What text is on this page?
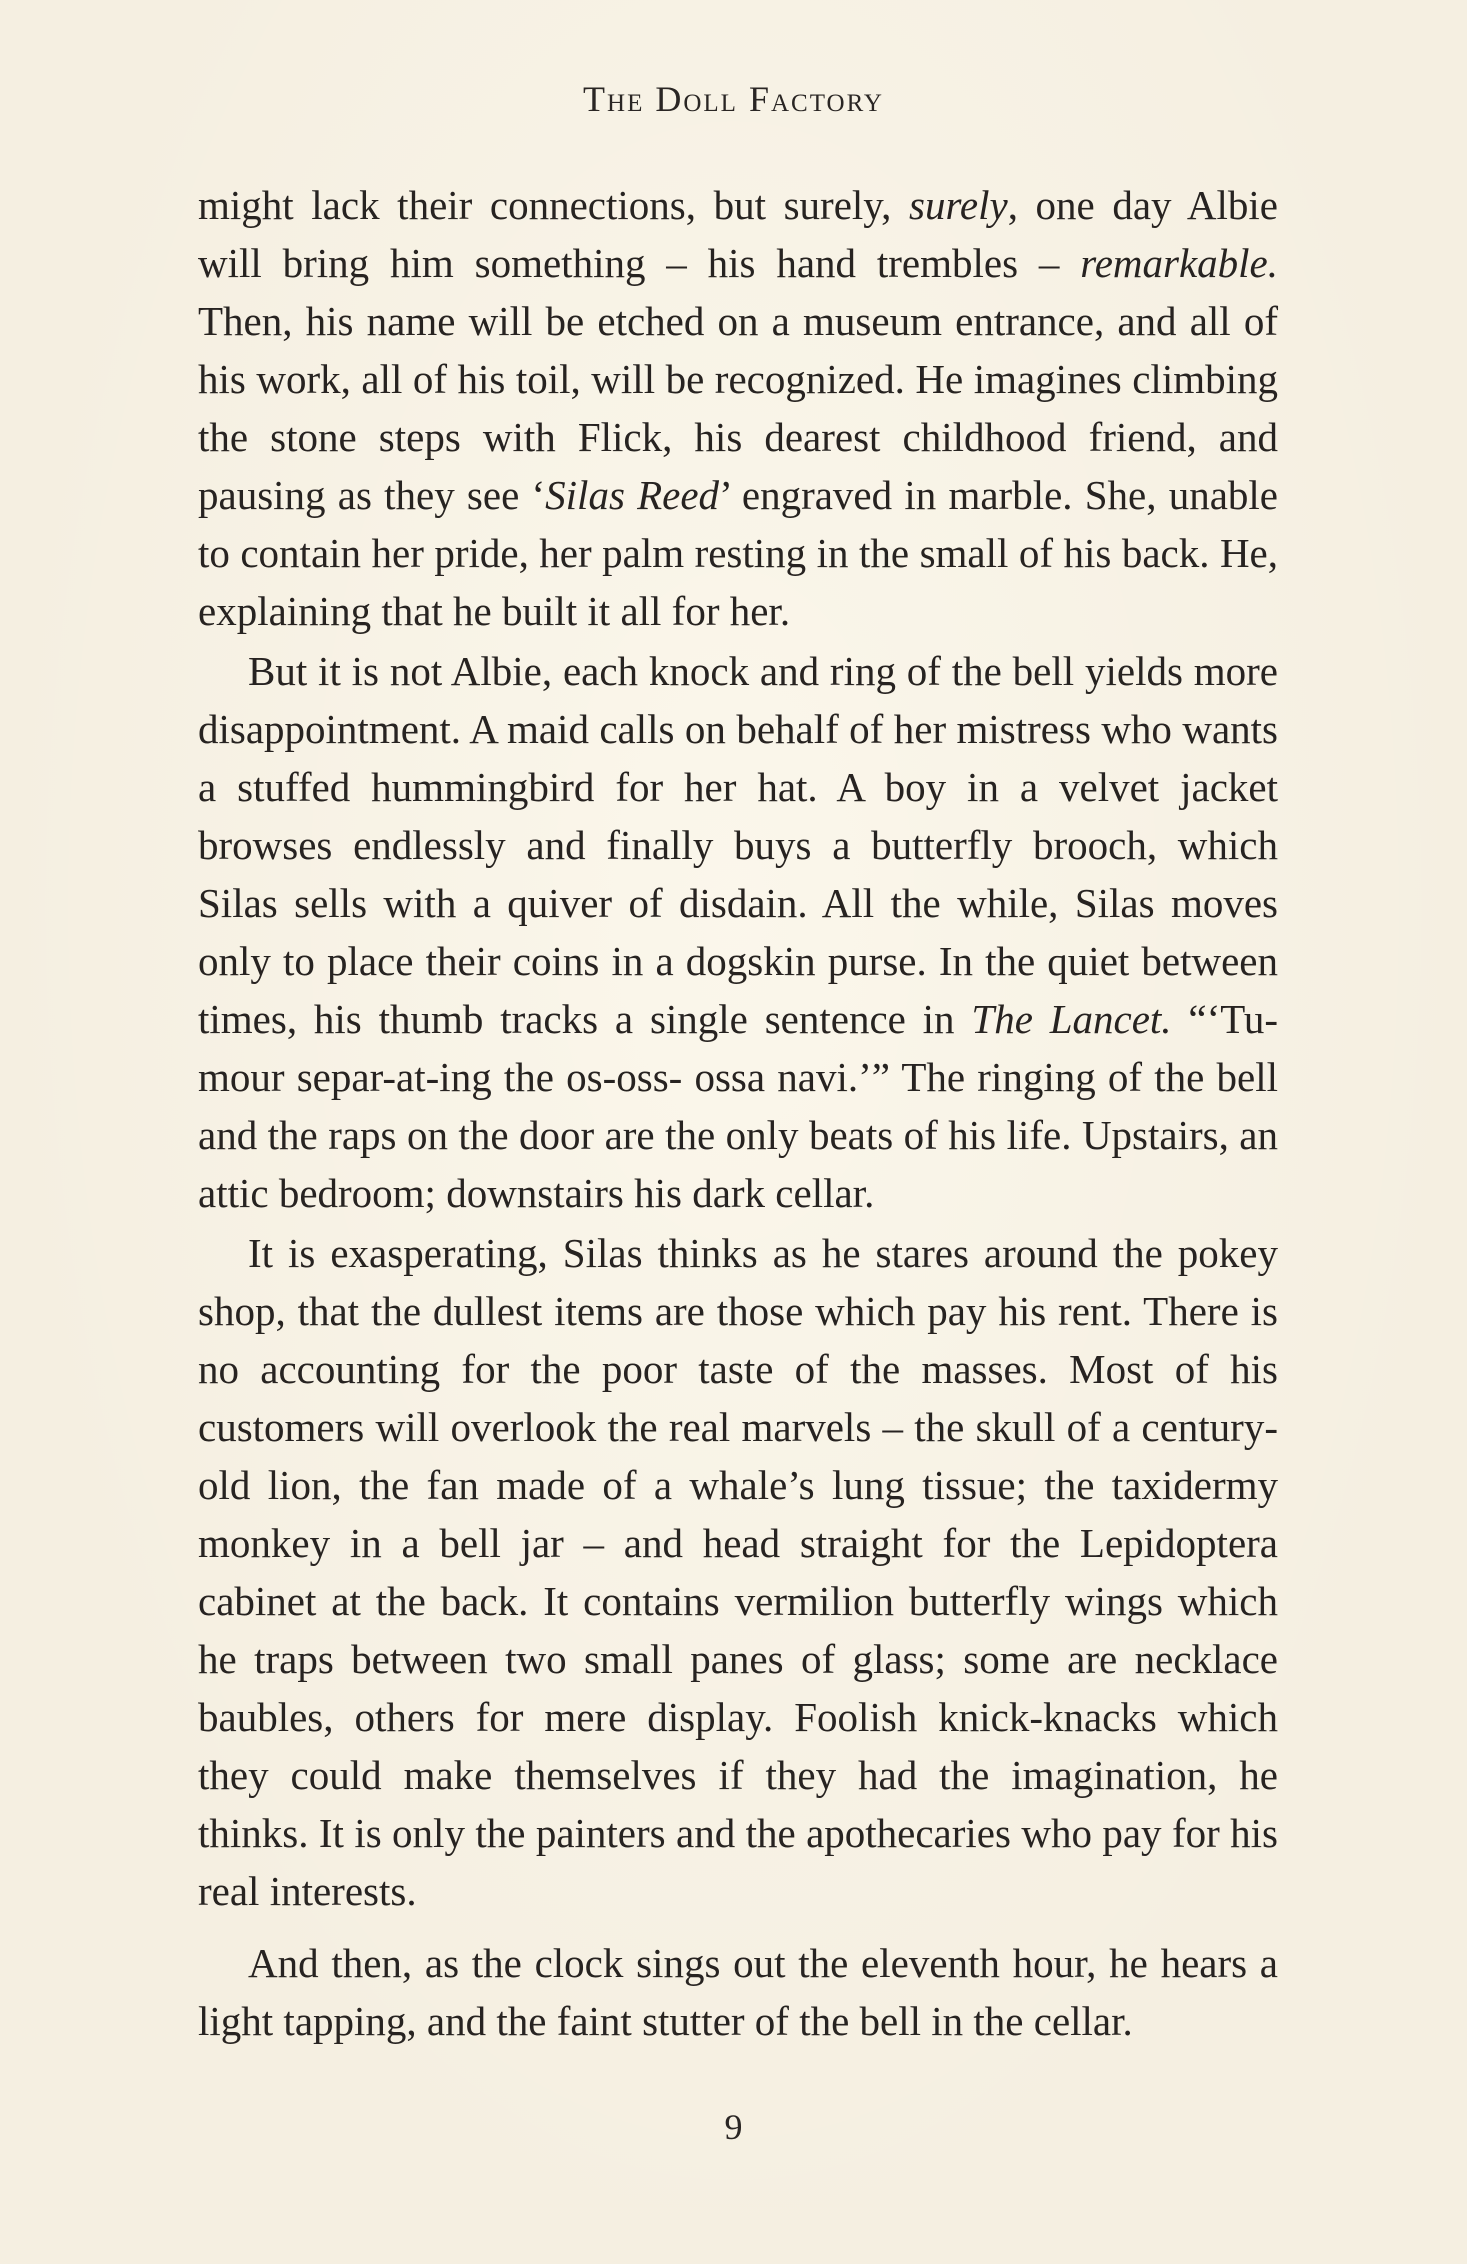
The Doll Factory

might lack their connections, but surely, surely, one day Albie will bring him something – his hand trembles – remarkable. Then, his name will be etched on a museum entrance, and all of his work, all of his toil, will be recognized. He imagines climbing the stone steps with Flick, his dearest childhood friend, and pausing as they see ‘Silas Reed’ engraved in marble. She, unable to contain her pride, her palm resting in the small of his back. He, explaining that he built it all for her.

But it is not Albie, each knock and ring of the bell yields more disappointment. A maid calls on behalf of her mistress who wants a stuffed hummingbird for her hat. A boy in a velvet jacket browses endlessly and finally buys a butterfly brooch, which Silas sells with a quiver of disdain. All the while, Silas moves only to place their coins in a dogskin purse. In the quiet between times, his thumb tracks a single sentence in The Lancet. “‘Tu-mour separ-at-ing the os-oss- ossa navi.’” The ringing of the bell and the raps on the door are the only beats of his life. Upstairs, an attic bedroom; downstairs his dark cellar.

It is exasperating, Silas thinks as he stares around the pokey shop, that the dullest items are those which pay his rent. There is no accounting for the poor taste of the masses. Most of his customers will overlook the real marvels – the skull of a century-old lion, the fan made of a whale’s lung tissue; the taxidermy monkey in a bell jar – and head straight for the Lepidoptera cabinet at the back. It contains vermilion butterfly wings which he traps between two small panes of glass; some are necklace baubles, others for mere display. Foolish knick-knacks which they could make themselves if they had the imagination, he thinks. It is only the painters and the apothecaries who pay for his real interests.

And then, as the clock sings out the eleventh hour, he hears a light tapping, and the faint stutter of the bell in the cellar.

9
